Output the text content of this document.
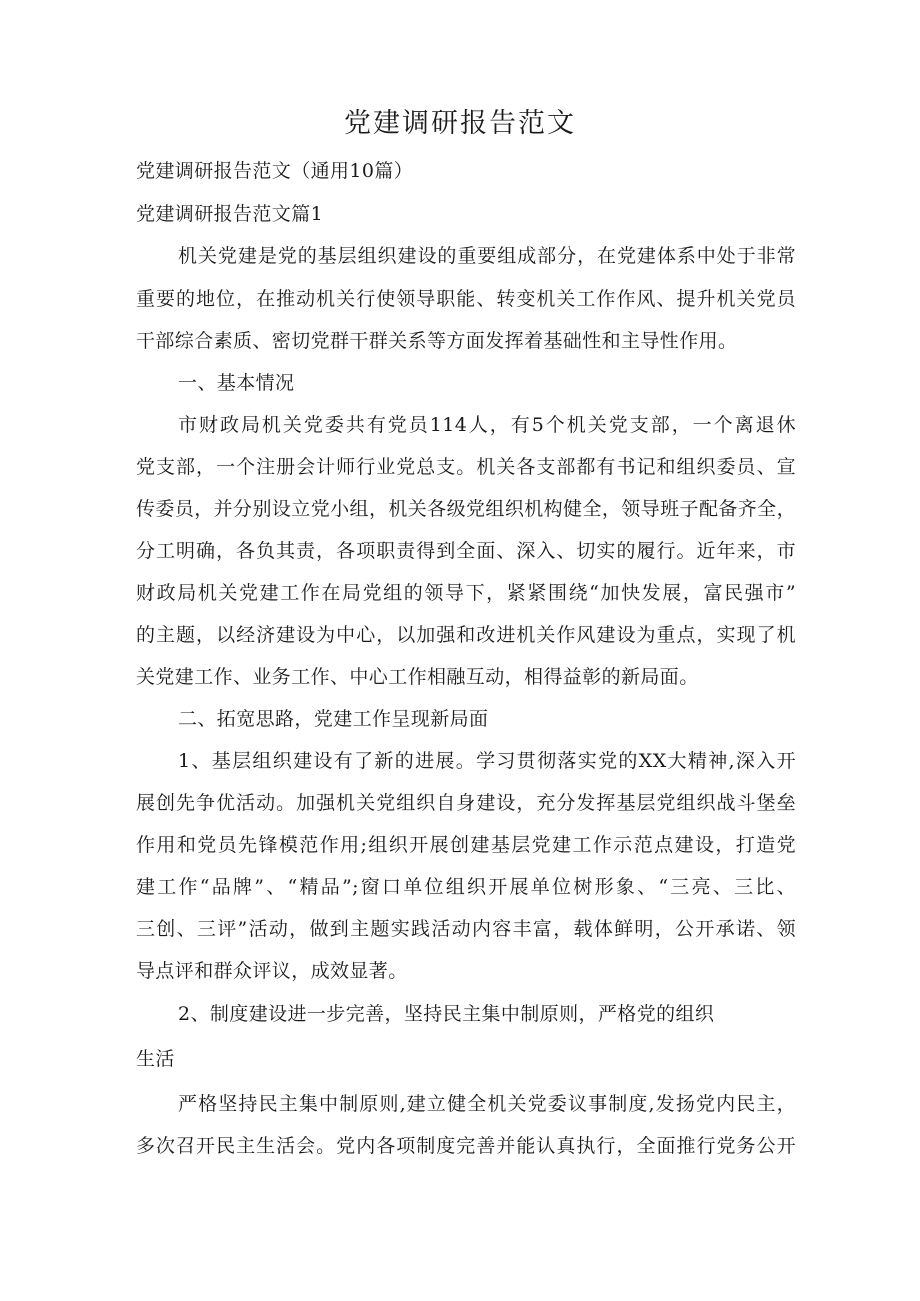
党建调研报告范文
党建调研报告范文（通用10篇）
党建调研报告范文篇1
机关党建是党的基层组织建设的重要组成部分，在党建体系中处于非常
重要的地位，在推动机关行使领导职能、转变机关工作作风、提升机关党员
干部综合素质、密切党群干群关系等方面发挥着基础性和主导性作用。
一、基本情况
市财政局机关党委共有党员114人，有5个机关党支部，一个离退休
党支部，一个注册会计师行业党总支。机关各支部都有书记和组织委员、宣
传委员，并分别设立党小组，机关各级党组织机构健全，领导班子配备齐全，
分工明确，各负其责，各项职责得到全面、深入、切实的履行。近年来，市
财政局机关党建工作在局党组的领导下，紧紧围绕“加快发展，富民强市”
的主题，以经济建设为中心，以加强和改进机关作风建设为重点，实现了机
关党建工作、业务工作、中心工作相融互动，相得益彰的新局面。
二、拓宽思路，党建工作呈现新局面
1、基层组织建设有了新的进展。学习贯彻落实党的XX大精神,深入开
展创先争优活动。加强机关党组织自身建设，充分发挥基层党组织战斗堡垒
作用和党员先锋模范作用;组织开展创建基层党建工作示范点建设，打造党
建工作“品牌”、“精品”;窗口单位组织开展单位树形象、“三亮、三比、
三创、三评”活动，做到主题实践活动内容丰富，载体鲜明，公开承诺、领
导点评和群众评议，成效显著。
2、制度建设进一步完善，坚持民主集中制原则，严格党的组织
生活
严格坚持民主集中制原则,建立健全机关党委议事制度,发扬党内民主，
多次召开民主生活会。党内各项制度完善并能认真执行，全面推行党务公开
